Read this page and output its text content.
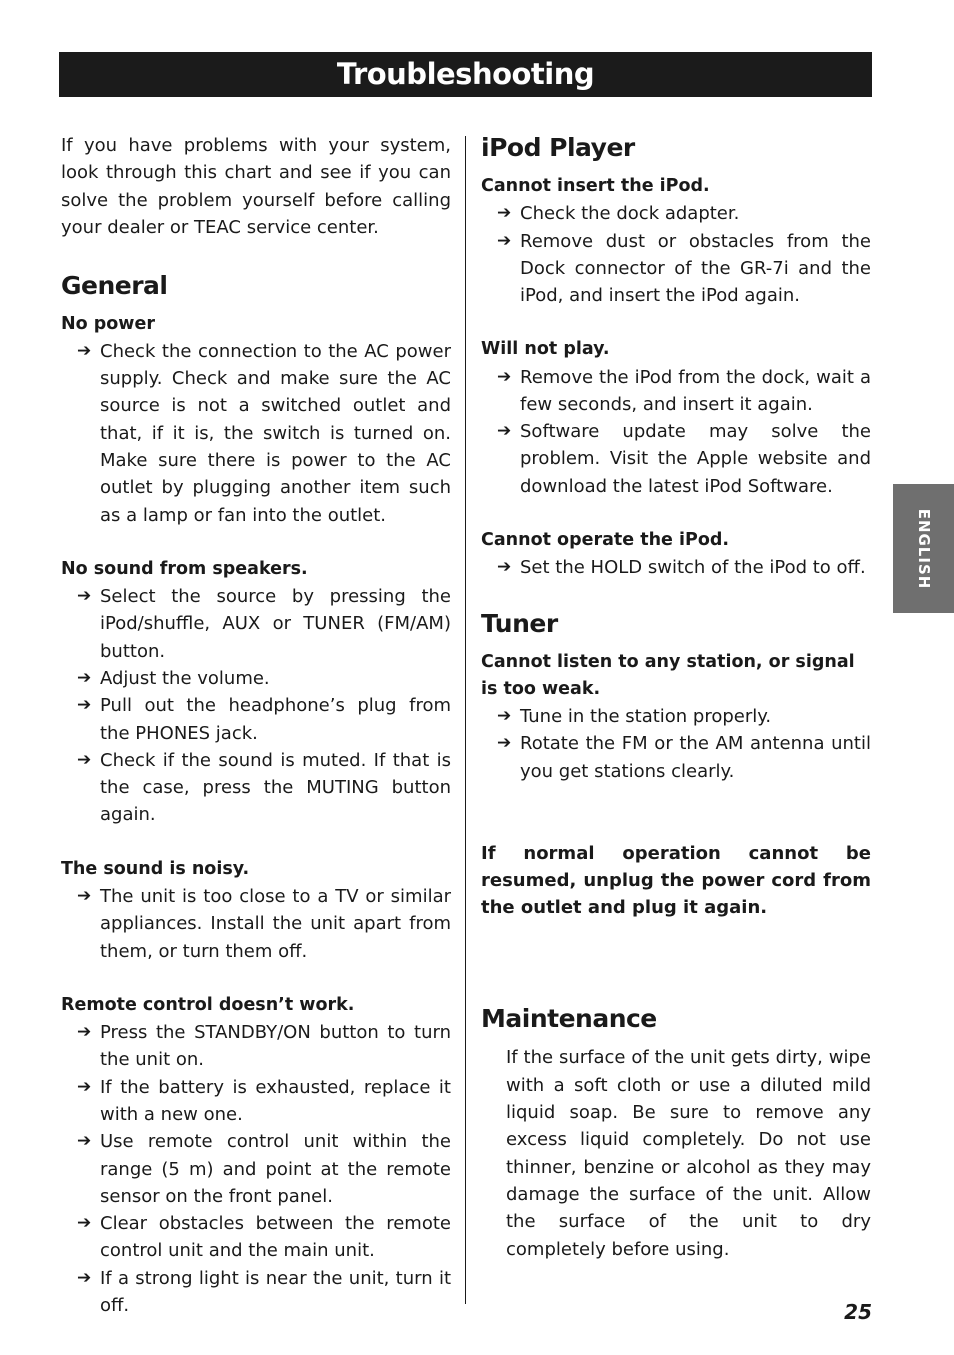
Troubleshooting

If you have problems with your system, look through this chart and see if you can solve the problem yourself before calling your dealer or TEAC service center.

General
No power
➔ Check the connection to the AC power supply. Check and make sure the AC source is not a switched outlet and that, if it is, the switch is turned on. Make sure there is power to the AC outlet by plugging another item such as a lamp or fan into the outlet.
No sound from speakers.
➔ Select the source by pressing the iPod/shuffle, AUX or TUNER (FM/AM) button.
➔ Adjust the volume.
➔ Pull out the headphone’s plug from the PHONES jack.
➔ Check if the sound is muted. If that is the case, press the MUTING button again.
The sound is noisy.
➔ The unit is too close to a TV or similar appliances. Install the unit apart from them, or turn them off.
Remote control doesn’t work.
➔ Press the STANDBY/ON button to turn the unit on.
➔ If the battery is exhausted, replace it with a new one.
➔ Use remote control unit within the range (5 m) and point at the remote sensor on the front panel.
➔ Clear obstacles between the remote control unit and the main unit.
➔ If a strong light is near the unit, turn it off.
iPod Player
Cannot insert the iPod.
➔ Check the dock adapter.
➔ Remove dust or obstacles from the Dock connector of the GR-7i and the iPod, and insert the iPod again.
Will not play.
➔ Remove the iPod from the dock, wait a few seconds, and insert it again.
➔ Software update may solve the problem. Visit the Apple website and download the latest iPod Software.
Cannot operate the iPod.
➔ Set the HOLD switch of the iPod to off.
Tuner
Cannot listen to any station, or signal is too weak.
➔ Tune in the station properly.
➔ Rotate the FM or the AM antenna until you get stations clearly.

If normal operation cannot be resumed, unplug the power cord from the outlet and plug it again.

Maintenance

If the surface of the unit gets dirty, wipe with a soft cloth or use a diluted mild liquid soap. Be sure to remove any excess liquid completely. Do not use thinner, benzine or alcohol as they may damage the surface of the unit. Allow the surface of the unit to dry completely before using.

ENGLISH
25
